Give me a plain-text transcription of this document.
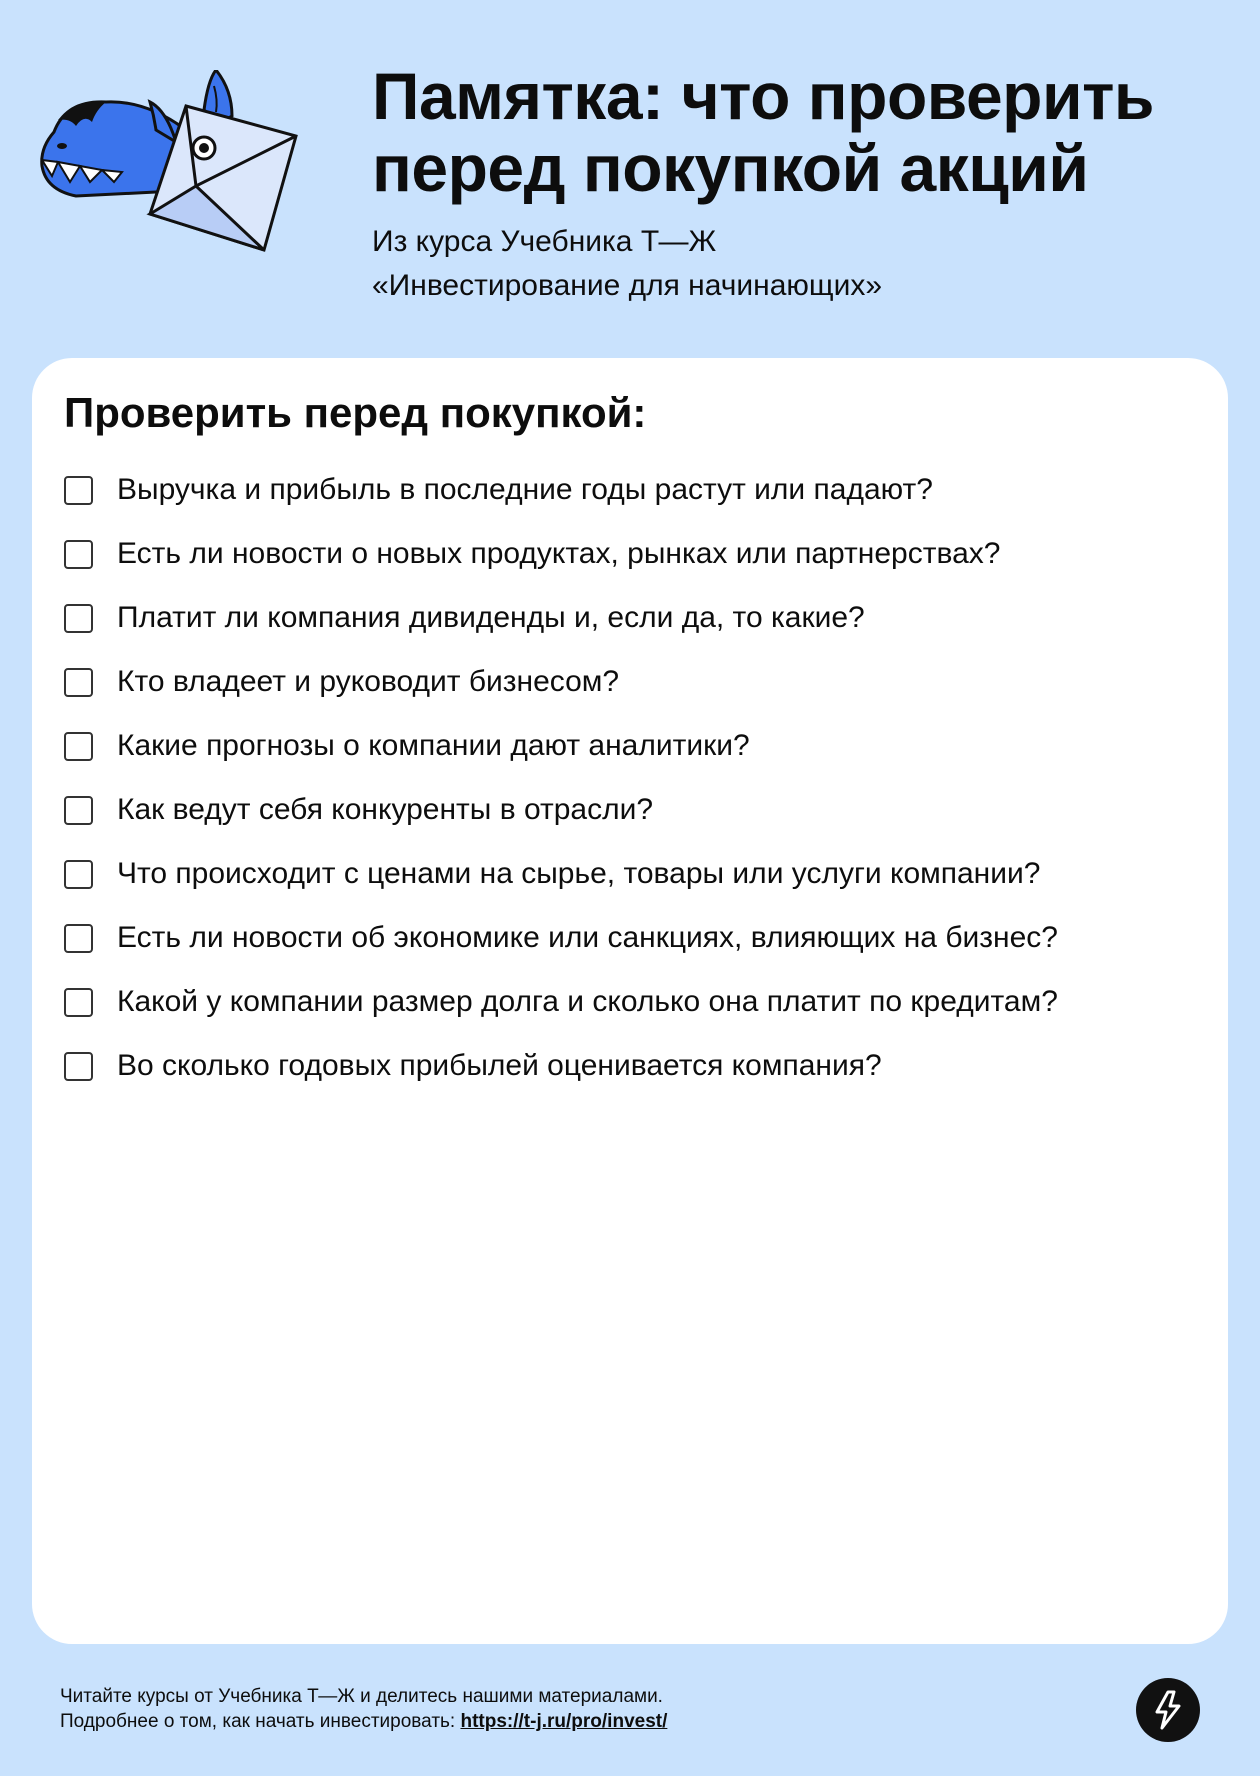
Памятка: что проверить перед покупкой акций

Из курса Учебника Т—Ж
«Инвестирование для начинающих»

Проверить перед покупкой:
Выручка и прибыль в последние годы растут или падают?
Есть ли новости о новых продуктах, рынках или партнерствах?
Платит ли компания дивиденды и, если да, то какие?
Кто владеет и руководит бизнесом?
Какие прогнозы о компании дают аналитики?
Как ведут себя конкуренты в отрасли?
Что происходит с ценами на сырье, товары или услуги компании?
Есть ли новости об экономике или санкциях, влияющих на бизнес?
Какой у компании размер долга и сколько она платит по кредитам?
Во сколько годовых прибылей оценивается компания?

Читайте курсы от Учебника Т—Ж и делитесь нашими материалами.
Подробнее о том, как начать инвестировать: https://t-j.ru/pro/invest/
